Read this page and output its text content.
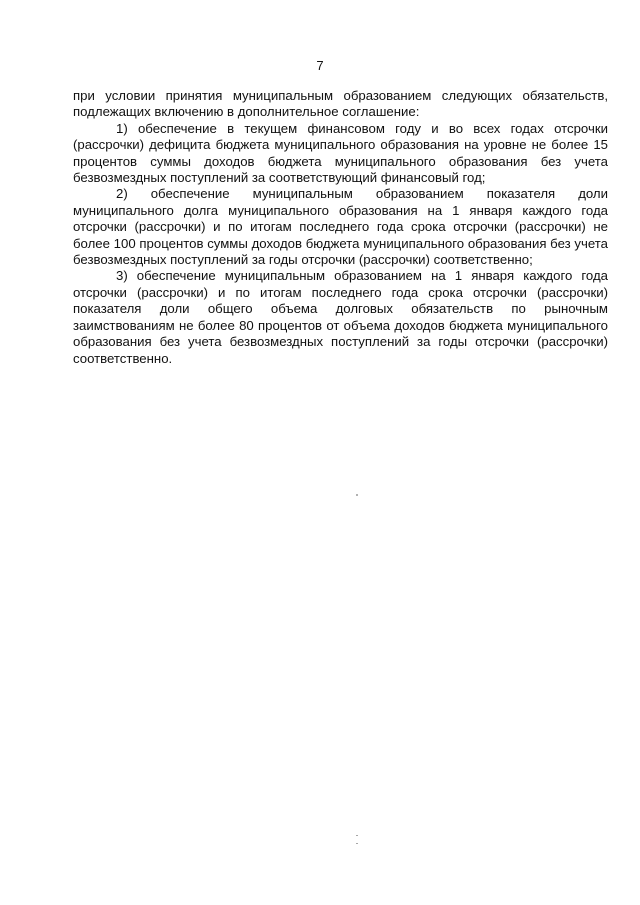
7

при условии принятия муниципальным образованием следующих обязательств, подлежащих включению в дополнительное соглашение:

1) обеспечение в текущем финансовом году и во всех годах отсрочки (рассрочки) дефицита бюджета муниципального образования на уровне не более 15 процентов суммы доходов бюджета муниципального образования без учета безвозмездных поступлений за соответствующий финансовый год;

2) обеспечение муниципальным образованием показателя доли муниципального долга муниципального образования на 1 января каждого года отсрочки (рассрочки) и по итогам последнего года срока отсрочки (рассрочки) не более 100 процентов суммы доходов бюджета муниципального образования без учета безвозмездных поступлений за годы отсрочки (рассрочки) соответственно;

3) обеспечение муниципальным образованием на 1 января каждого года отсрочки (рассрочки) и по итогам последнего года срока отсрочки (рассрочки) показателя доли общего объема долговых обязательств по рыночным заимствованиям не более 80 процентов от объема доходов бюджета муниципального образования без учета безвозмездных поступлений за годы отсрочки (рассрочки) соответственно.
